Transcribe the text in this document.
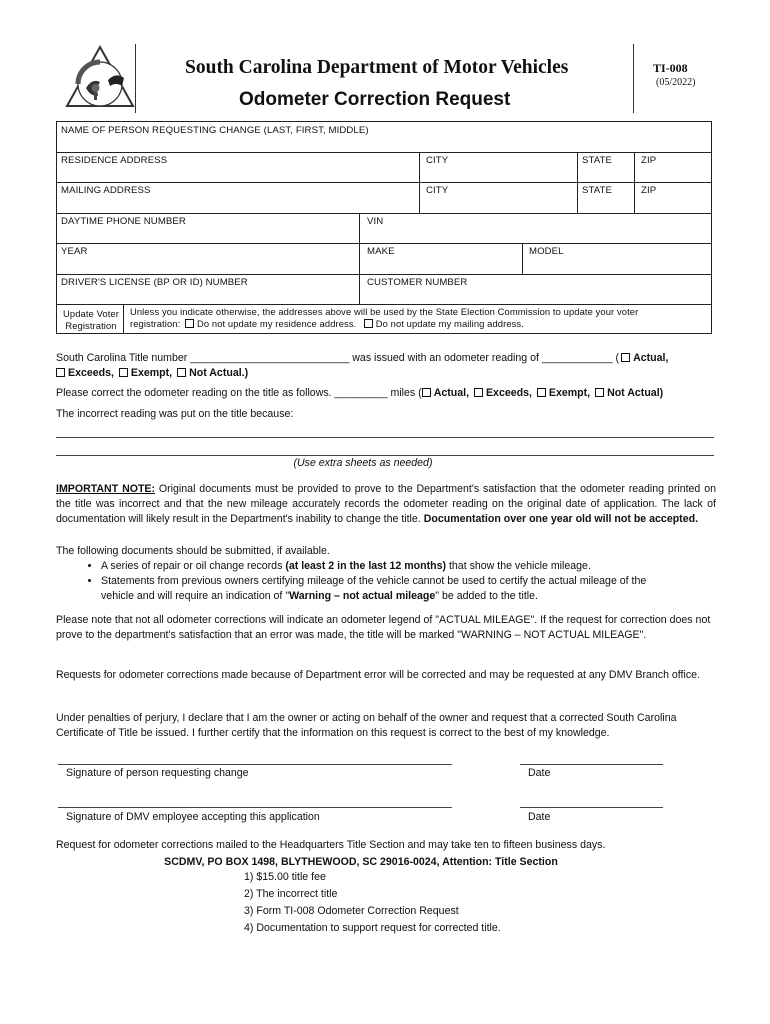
South Carolina Department of Motor Vehicles
Odometer Correction Request
TI-008
(05/2022)
NAME OF PERSON REQUESTING CHANGE (LAST, FIRST, MIDDLE)
RESIDENCE ADDRESS	CITY	STATE	ZIP
MAILING ADDRESS	CITY	STATE	ZIP
DAYTIME PHONE NUMBER	VIN
YEAR	MAKE	MODEL
DRIVER'S LICENSE (BP OR ID) NUMBER	CUSTOMER NUMBER
Update Voter
Registration
Unless you indicate otherwise, the addresses above will be used by the State Election Commission to update your voter
registration: Do not update my residence address. Do not update my mailing address.
South Carolina Title number ___________________________ was issued with an odometer reading of ____________ ( Actual,
Exceeds, Exempt, Not Actual.)
Please correct the odometer reading on the title as follows. _________ miles ( Actual, Exceeds, Exempt, Not Actual)
The incorrect reading was put on the title because:
(Use extra sheets as needed)
IMPORTANT NOTE: Original documents must be provided to prove to the Department's satisfaction that the odometer reading printed on the title was incorrect and that the new mileage accurately records the odometer reading on the original date of application. The lack of documentation will likely result in the Department's inability to change the title. Documentation over one year old will not be accepted.
The following documents should be submitted, if available.
• A series of repair or oil change records (at least 2 in the last 12 months) that show the vehicle mileage.
• Statements from previous owners certifying mileage of the vehicle cannot be used to certify the actual mileage of the vehicle and will require an indication of "Warning – not actual mileage" be added to the title.
Please note that not all odometer corrections will indicate an odometer legend of "ACTUAL MILEAGE". If the request for correction does not prove to the department's satisfaction that an error was made, the title will be marked "WARNING – NOT ACTUAL MILEAGE".
Requests for odometer corrections made because of Department error will be corrected and may be requested at any DMV Branch office.
Under penalties of perjury, I declare that I am the owner or acting on behalf of the owner and request that a corrected South Carolina Certificate of Title be issued. I further certify that the information on this request is correct to the best of my knowledge.
Signature of person requesting change	Date
Signature of DMV employee accepting this application	Date
Request for odometer corrections mailed to the Headquarters Title Section and may take ten to fifteen business days.
SCDMV, PO BOX 1498, BLYTHEWOOD, SC 29016-0024, Attention: Title Section
1) $15.00 title fee
2) The incorrect title
3) Form TI-008 Odometer Correction Request
4) Documentation to support request for corrected title.
